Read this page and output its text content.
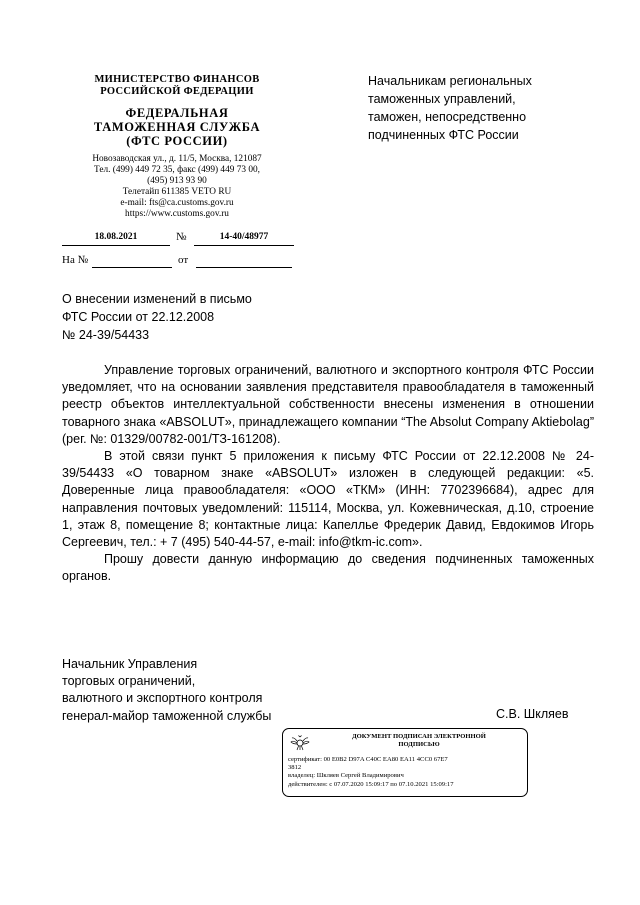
МИНИСТЕРСТВО ФИНАНСОВ
РОССИЙСКОЙ ФЕДЕРАЦИИ
ФЕДЕРАЛЬНАЯ
ТАМОЖЕННАЯ СЛУЖБА
(ФТС РОССИИ)
Новозаводская ул., д. 11/5, Москва, 121087
Тел. (499) 449 72 35, факс (499) 449 73 00,
(495) 913 93 90
Телетайп 611385 VETO RU
e-mail: fts@ca.customs.gov.ru
https://www.customs.gov.ru
Начальникам региональных
таможенных управлений,
таможен, непосредственно
подчиненных ФТС России
18.08.2021	№	14-40/48977
На №	от
О внесении изменений в письмо
ФТС России от 22.12.2008
№ 24-39/54433

Управление торговых ограничений, валютного и экспортного контроля ФТС России уведомляет, что на основании заявления представителя правообладателя в таможенный реестр объектов интеллектуальной собственности внесены изменения в отношении товарного знака «ABSOLUT», принадлежащего компании “The Absolut Company Aktiebolag” (рег. №: 01329/00782-001/ТЗ-161208).

В этой связи пункт 5 приложения к письму ФТС России от 22.12.2008 № 24-39/54433 «О товарном знаке «ABSOLUT» изложен в следующей редакции: «5. Доверенные лица правообладателя: «ООО «ТКМ» (ИНН: 7702396684), адрес для направления почтовых уведомлений: 115114, Москва, ул. Кожевническая, д.10, строение 1, этаж 8, помещение 8; контактные лица: Капеллье Фредерик Давид, Евдокимов Игорь Сергеевич, тел.: + 7 (495) 540-44-57, e-mail: info@tkm-ic.com».

Прошу довести данную информацию до сведения подчиненных таможенных органов.

Начальник Управления
торговых ограничений,
валютного и экспортного контроля
генерал-майор таможенной службы	С.В. Шкляев
ДОКУМЕНТ ПОДПИСАН ЭЛЕКТРОННОЙ
ПОДПИСЬЮ
сертификат: 00 E0B2 D97A C40C EA80 EA11 4CC0 67E7
3812
владелец: Шкляев Сергей Владимирович
действителен: с 07.07.2020 15:09:17 по 07.10.2021 15:09:17
